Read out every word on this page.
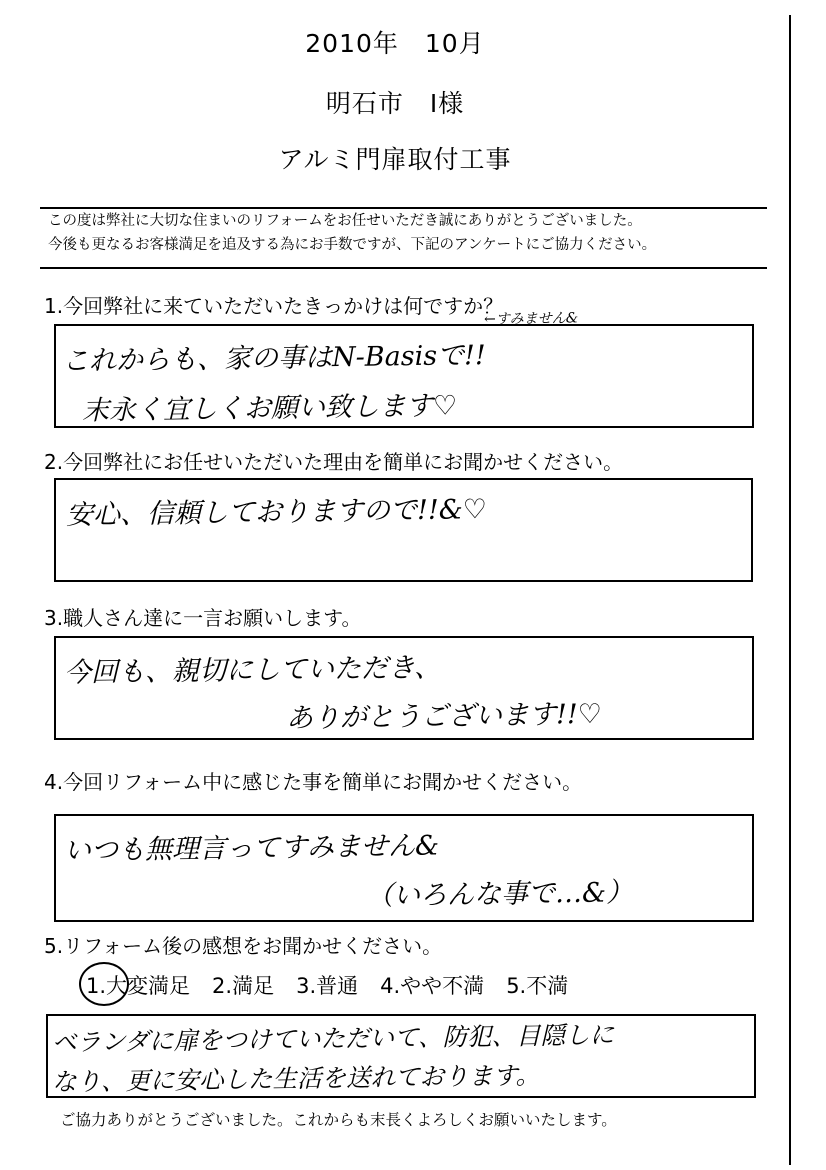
2010年　10月
明石市　I様
アルミ門扉取付工事
この度は弊社に大切な住まいのリフォームをお任せいただき誠にありがとうございました。
今後も更なるお客様満足を追及する為にお手数ですが、下記のアンケートにご協力ください。
1.今回弊社に来ていただいたきっかけは何ですか？
←すみません&
これからも、家の事はN-Basisで!!
末永く宜しくお願い致します♡
2.今回弊社にお任せいただいた理由を簡単にお聞かせください。
安心、信頼しておりますので!!&♡
3.職人さん達に一言お願いします。
今回も、親切にしていただき、
ありがとうございます!!♡
4.今回リフォーム中に感じた事を簡単にお聞かせください。
いつも無理言ってすみません&
（いろんな事で…&）
5.リフォーム後の感想をお聞かせください。
1.大変満足 2.満足 3.普通 4.やや不満 5.不満
ベランダに扉をつけていただいて、防犯、目隠しに
なり、更に安心した生活を送れております。
ご協力ありがとうございました。これからも末長くよろしくお願いいたします。
